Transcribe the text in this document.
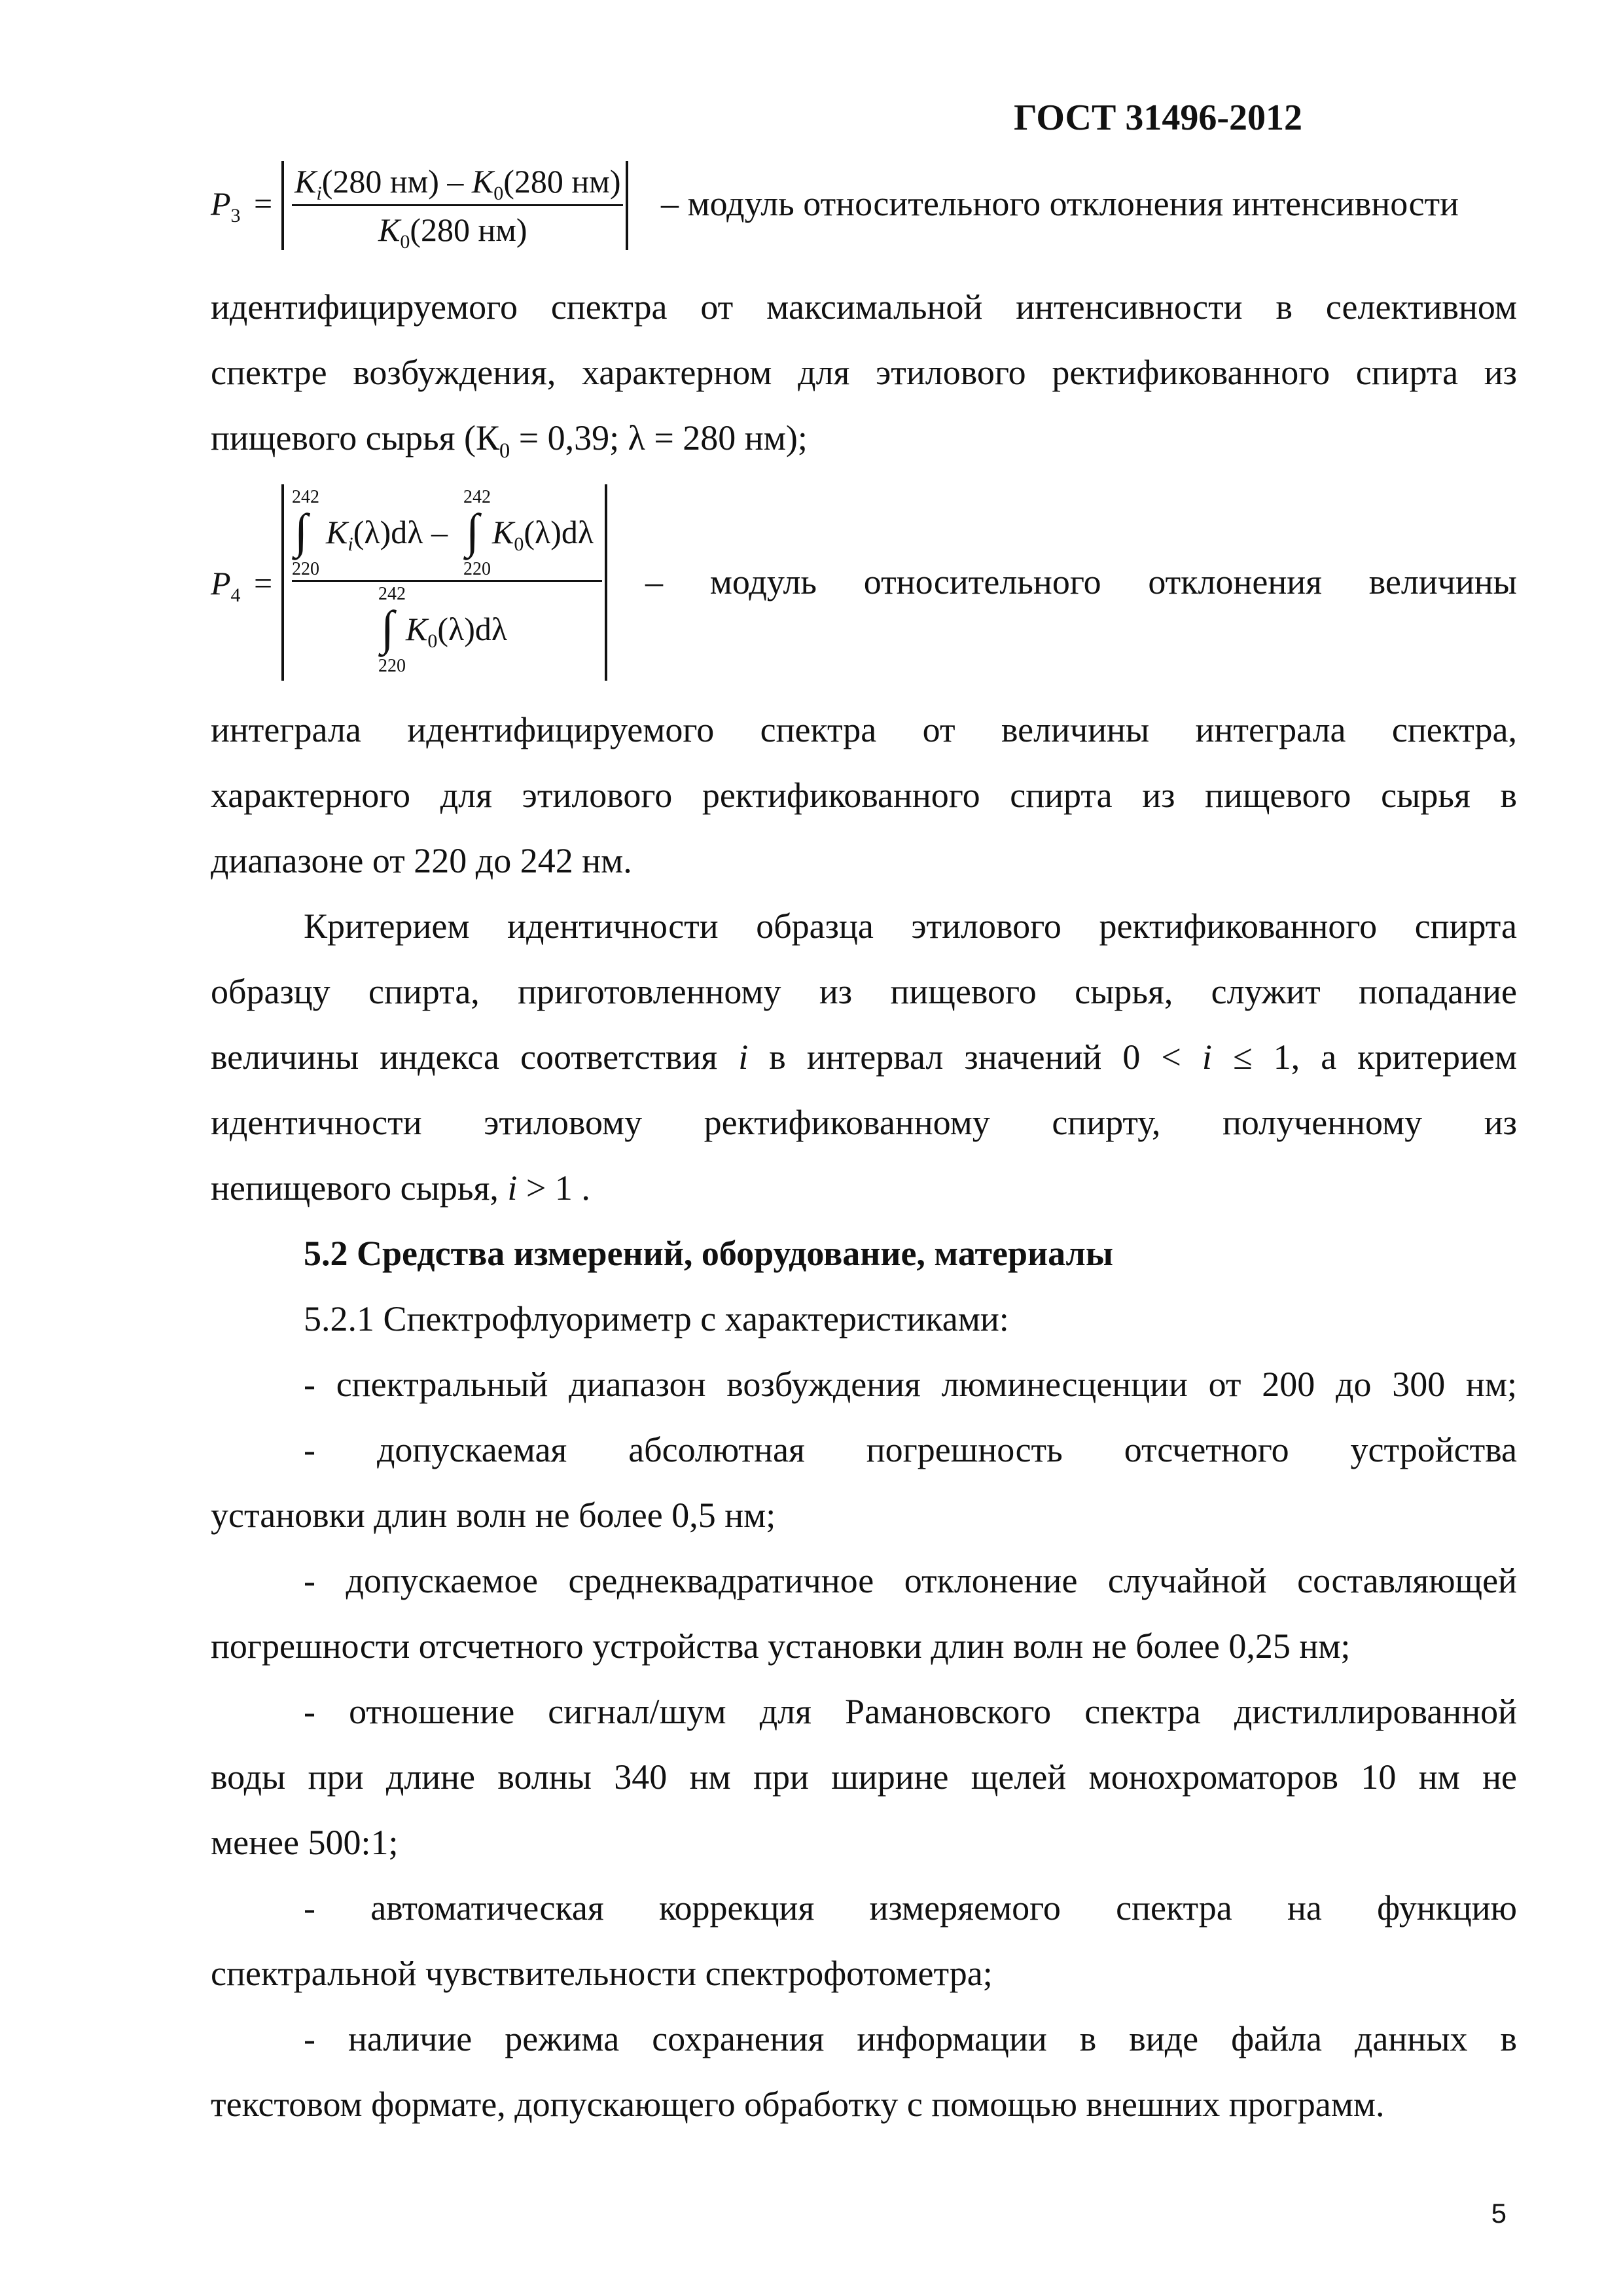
ГОСТ 31496-2012
$P_3$ =
$K_i(280$ $нм) - K_0(280$ нм)
$K_0(280$ нм)
– модуль относительного отклонения интенсивности
идентифицируемого спектра от максимальной интенсивности в селективном
спектре возбуждения, характерном для этилового ректификованного спирта из
пищевого сырья ($К_0 = 0,39$; λ = 280 нм);
$P_4$ =
242
∫
220
$K_i(\lambda)d\lambda$ –
242
∫
220
$K_0(\lambda)d\lambda$
242
∫
220
$K_0(\lambda)d\lambda$
– модуль относительного отклонения величины
интеграла идентифицируемого спектра от величины интеграла спектра,
характерного для этилового ректификованного спирта из пищевого сырья в
диапазоне от 220 до 242 нм.
Критерием идентичности образца этилового ректификованного спирта
образцу спирта, приготовленному из пищевого сырья, служит попадание
величины индекса соответствия i в интервал значений 0 < i ≤ 1, а критерием
идентичности этиловому ректификованному спирту, полученному из
непищевого сырья, i > 1 .
5.2 Средства измерений, оборудование, материалы
5.2.1 Спектрофлуориметр с характеристиками:
- спектральный диапазон возбуждения люминесценции от 200 до 300 нм;
- допускаемая абсолютная погрешность отсчетного устройства
установки длин волн не более 0,5 нм;
- допускаемое среднеквадратичное отклонение случайной составляющей
погрешности отсчетного устройства установки длин волн не более 0,25 нм;
- отношение сигнал/шум для Рамановского спектра дистиллированной
воды при длине волны 340 нм при ширине щелей монохроматоров 10 нм не
менее 500:1;
- автоматическая коррекция измеряемого спектра на функцию
спектральной чувствительности спектрофотометра;
- наличие режима сохранения информации в виде файла данных в
текстовом формате, допускающего обработку с помощью внешних программ.
5
